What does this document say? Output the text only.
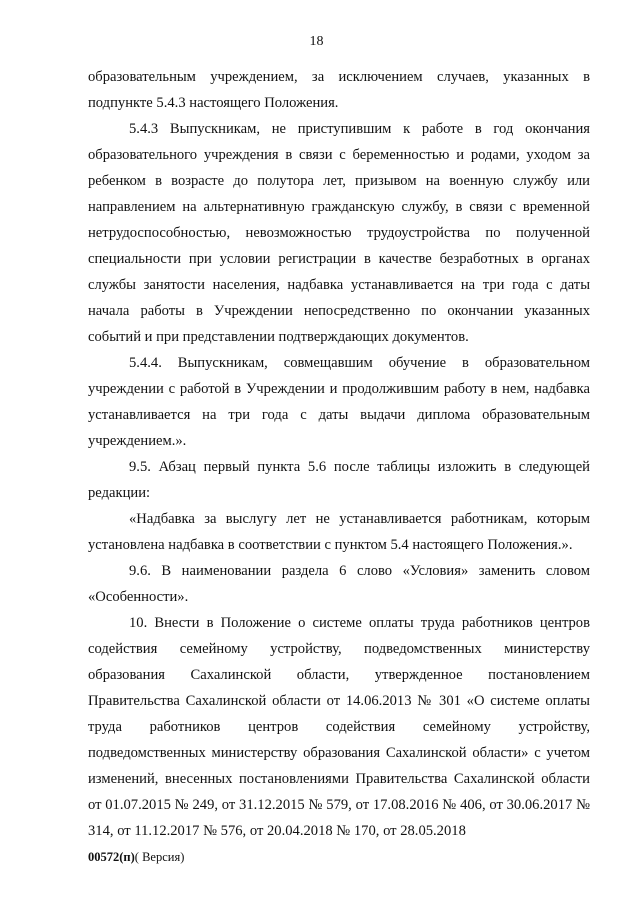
18

образовательным учреждением, за исключением случаев, указанных в подпункте 5.4.3 настоящего Положения.

5.4.3 Выпускникам, не приступившим к работе в год окончания образовательного учреждения в связи с беременностью и родами, уходом за ребенком в возрасте до полутора лет, призывом на военную службу или направлением на альтернативную гражданскую службу, в связи с временной нетрудоспособностью, невозможностью трудоустройства по полученной специальности при условии регистрации в качестве безработных в органах службы занятости населения, надбавка устанавливается на три года с даты начала работы в Учреждении непосредственно по окончании указанных событий и при представлении подтверждающих документов.

5.4.4. Выпускникам, совмещавшим обучение в образовательном учреждении с работой в Учреждении и продолжившим работу в нем, надбавка устанавливается на три года с даты выдачи диплома образовательным учреждением.».

9.5. Абзац первый пункта 5.6 после таблицы изложить в следующей редакции:

«Надбавка за выслугу лет не устанавливается работникам, которым установлена надбавка в соответствии с пунктом 5.4 настоящего Положения.».

9.6. В наименовании раздела 6 слово «Условия» заменить словом «Особенности».

10. Внести в Положение о системе оплаты труда работников центров содействия семейному устройству, подведомственных министерству образования Сахалинской области, утвержденное постановлением Правительства Сахалинской области от 14.06.2013 № 301 «О системе оплаты труда работников центров содействия семейному устройству, подведомственных министерству образования Сахалинской области» с учетом изменений, внесенных постановлениями Правительства Сахалинской области от 01.07.2015 № 249, от 31.12.2015 № 579, от 17.08.2016 № 406, от 30.06.2017 № 314, от 11.12.2017 № 576, от 20.04.2018 № 170, от 28.05.2018

00572(п)( Версия)
